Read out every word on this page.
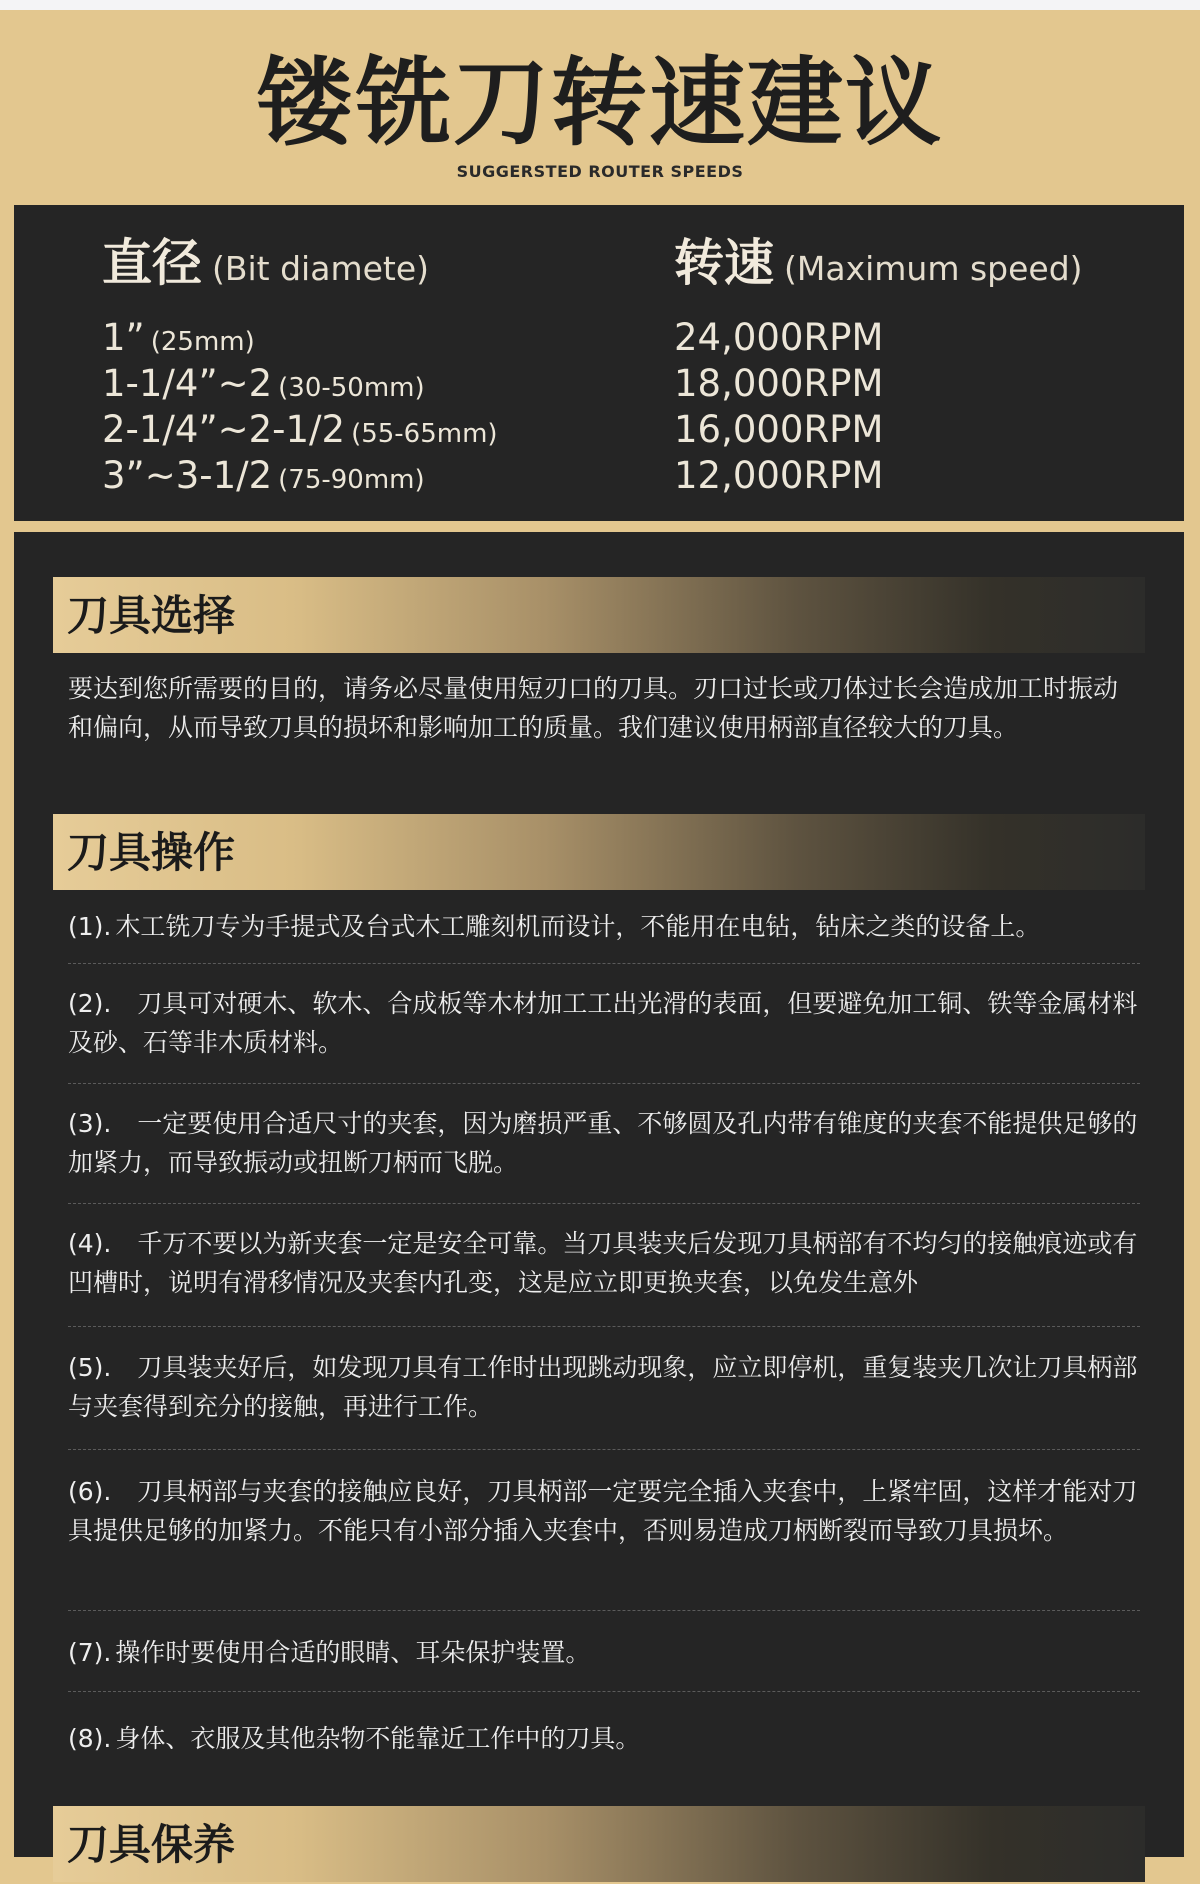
镂铣刀转速建议
SUGGERSTED ROUTER SPEEDS
直径 (Bit diamete)
1” (25mm)
1-1/4”~2 (30-50mm)
2-1/4”~2-1/2 (55-65mm)
3”~3-1/2 (75-90mm)
转速 (Maximum speed)
24,000RPM
18,000RPM
16,000RPM
12,000RPM
刀具选择
要达到您所需要的目的，请务必尽量使用短刃口的刀具。刃口过长或刀体过长会造成加工时振动和偏向，从而导致刀具的损坏和影响加工的质量。我们建议使用柄部直径较大的刀具。
刀具操作
(1). 木工铣刀专为手提式及台式木工雕刻机而设计，不能用在电钻，钻床之类的设备上。
(2). 刀具可对硬木、软木、合成板等木材加工工出光滑的表面，但要避免加工铜、铁等金属材料及砂、石等非木质材料。
(3). 一定要使用合适尺寸的夹套，因为磨损严重、不够圆及孔内带有锥度的夹套不能提供足够的加紧力，而导致振动或扭断刀柄而飞脱。
(4). 千万不要以为新夹套一定是安全可靠。当刀具装夹后发现刀具柄部有不均匀的接触痕迹或有凹槽时，说明有滑移情况及夹套内孔变，这是应立即更换夹套，以免发生意外
(5). 刀具装夹好后，如发现刀具有工作时出现跳动现象，应立即停机，重复装夹几次让刀具柄部与夹套得到充分的接触，再进行工作。
(6). 刀具柄部与夹套的接触应良好，刀具柄部一定要完全插入夹套中，上紧牢固，这样才能对刀具提供足够的加紧力。不能只有小部分插入夹套中，否则易造成刀柄断裂而导致刀具损坏。
(7). 操作时要使用合适的眼睛、耳朵保护装置。
(8). 身体、衣服及其他杂物不能靠近工作中的刀具。
刀具保养
